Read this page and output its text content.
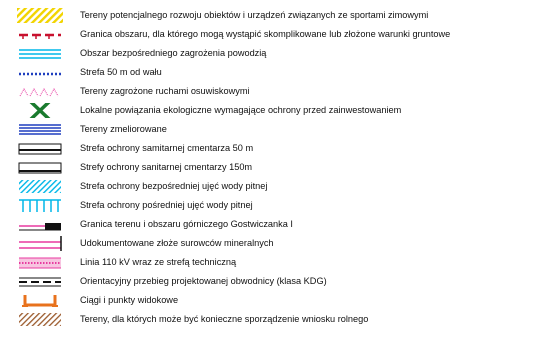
Tereny potencjalnego rozwoju obiektów i urządzeń związanych ze sportami zimowymi
Granica obszaru, dla którego mogą wystąpić skomplikowane lub złożone warunki gruntowe
Obszar bezpośredniego zagrożenia powodzią
Strefa 50 m od wału
Tereny zagrożone ruchami osuwiskowymi
Lokalne powiązania ekologiczne wymagające ochrony przed zainwestowaniem
Tereny zmeliorowane
Strefa ochrony samitarnej cmentarza 50 m
Strefy ochrony sanitarnej cmentarzy 150m
Strefa ochrony bezpośredniej ujęć wody pitnej
Strefa ochrony pośredniej ujęć wody pitnej
Granica terenu i obszaru górniczego Gostwiczanka I
Udokumentowane złoże surowców mineralnych
Linia 110 kV wraz ze strefą techniczną
Orientacyjny przebieg projektowanej obwodnicy (klasa KDG)
Ciągi i punkty widokowe
Tereny, dla których może być konieczne sporządzenie wniosku rolnego
